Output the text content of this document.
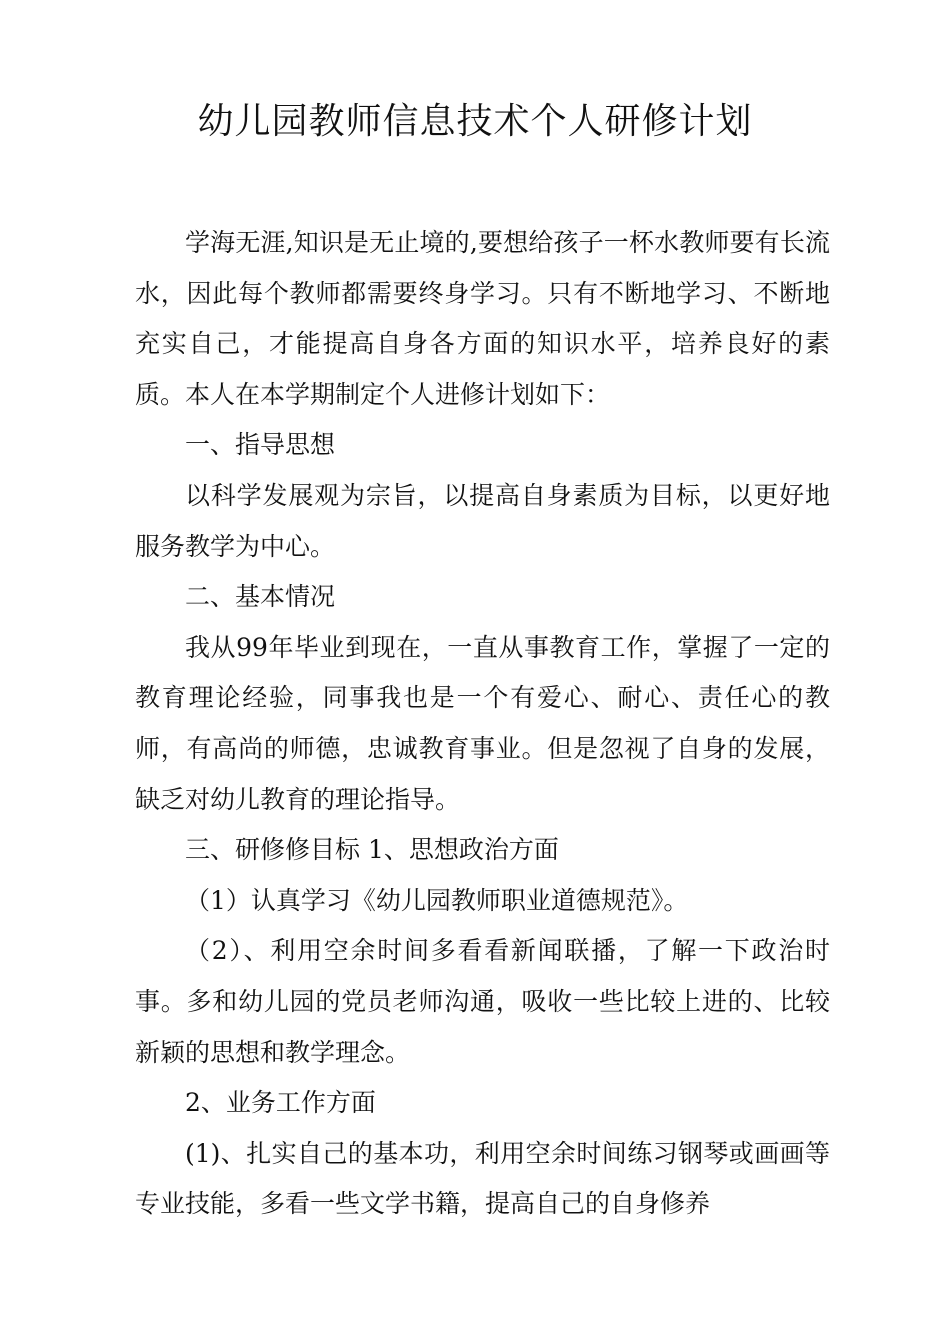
幼儿园教师信息技术个人研修计划

学海无涯,知识是无止境的,要想给孩子一杯水教师要有长流水，因此每个教师都需要终身学习。只有不断地学习、不断地充实自己，才能提高自身各方面的知识水平，培养良好的素质。本人在本学期制定个人进修计划如下：

一、指导思想

以科学发展观为宗旨，以提高自身素质为目标，以更好地服务教学为中心。

二、基本情况

我从99年毕业到现在，一直从事教育工作，掌握了一定的教育理论经验，同事我也是一个有爱心、耐心、责任心的教师，有高尚的师德，忠诚教育事业。但是忽视了自身的发展，缺乏对幼儿教育的理论指导。

三、研修修目标 1、思想政治方面

（1）认真学习《幼儿园教师职业道德规范》。

（2）、利用空余时间多看看新闻联播，了解一下政治时事。多和幼儿园的党员老师沟通，吸收一些比较上进的、比较新颖的思想和教学理念。

2、业务工作方面

(1)、扎实自己的基本功，利用空余时间练习钢琴或画画等专业技能，多看一些文学书籍，提高自己的自身修养
